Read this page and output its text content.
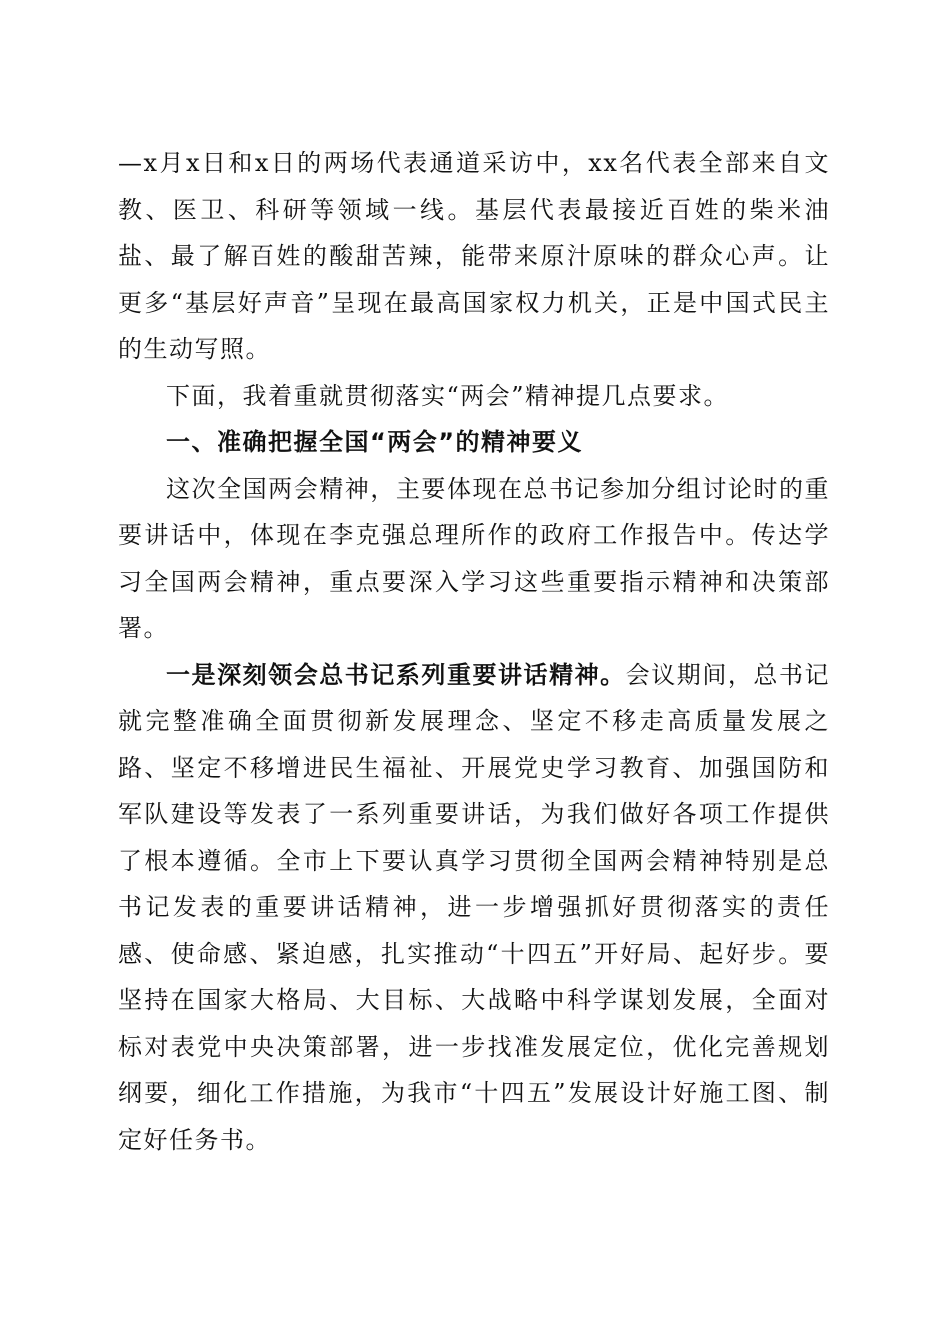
—x月x日和x日的两场代表通道采访中，xx名代表全部来自文教、医卫、科研等领域一线。基层代表最接近百姓的柴米油盐、最了解百姓的酸甜苦辣，能带来原汁原味的群众心声。让更多“基层好声音”呈现在最高国家权力机关，正是中国式民主的生动写照。

下面，我着重就贯彻落实“两会”精神提几点要求。

一、准确把握全国“两会”的精神要义

这次全国两会精神，主要体现在总书记参加分组讨论时的重要讲话中，体现在李克强总理所作的政府工作报告中。传达学习全国两会精神，重点要深入学习这些重要指示精神和决策部署。

一是深刻领会总书记系列重要讲话精神。会议期间，总书记就完整准确全面贯彻新发展理念、坚定不移走高质量发展之路、坚定不移增进民生福祉、开展党史学习教育、加强国防和军队建设等发表了一系列重要讲话，为我们做好各项工作提供了根本遵循。全市上下要认真学习贯彻全国两会精神特别是总书记发表的重要讲话精神，进一步增强抓好贯彻落实的责任感、使命感、紧迫感，扎实推动“十四五”开好局、起好步。要坚持在国家大格局、大目标、大战略中科学谋划发展，全面对标对表党中央决策部署，进一步找准发展定位，优化完善规划纲要，细化工作措施，为我市“十四五”发展设计好施工图、制定好任务书。
